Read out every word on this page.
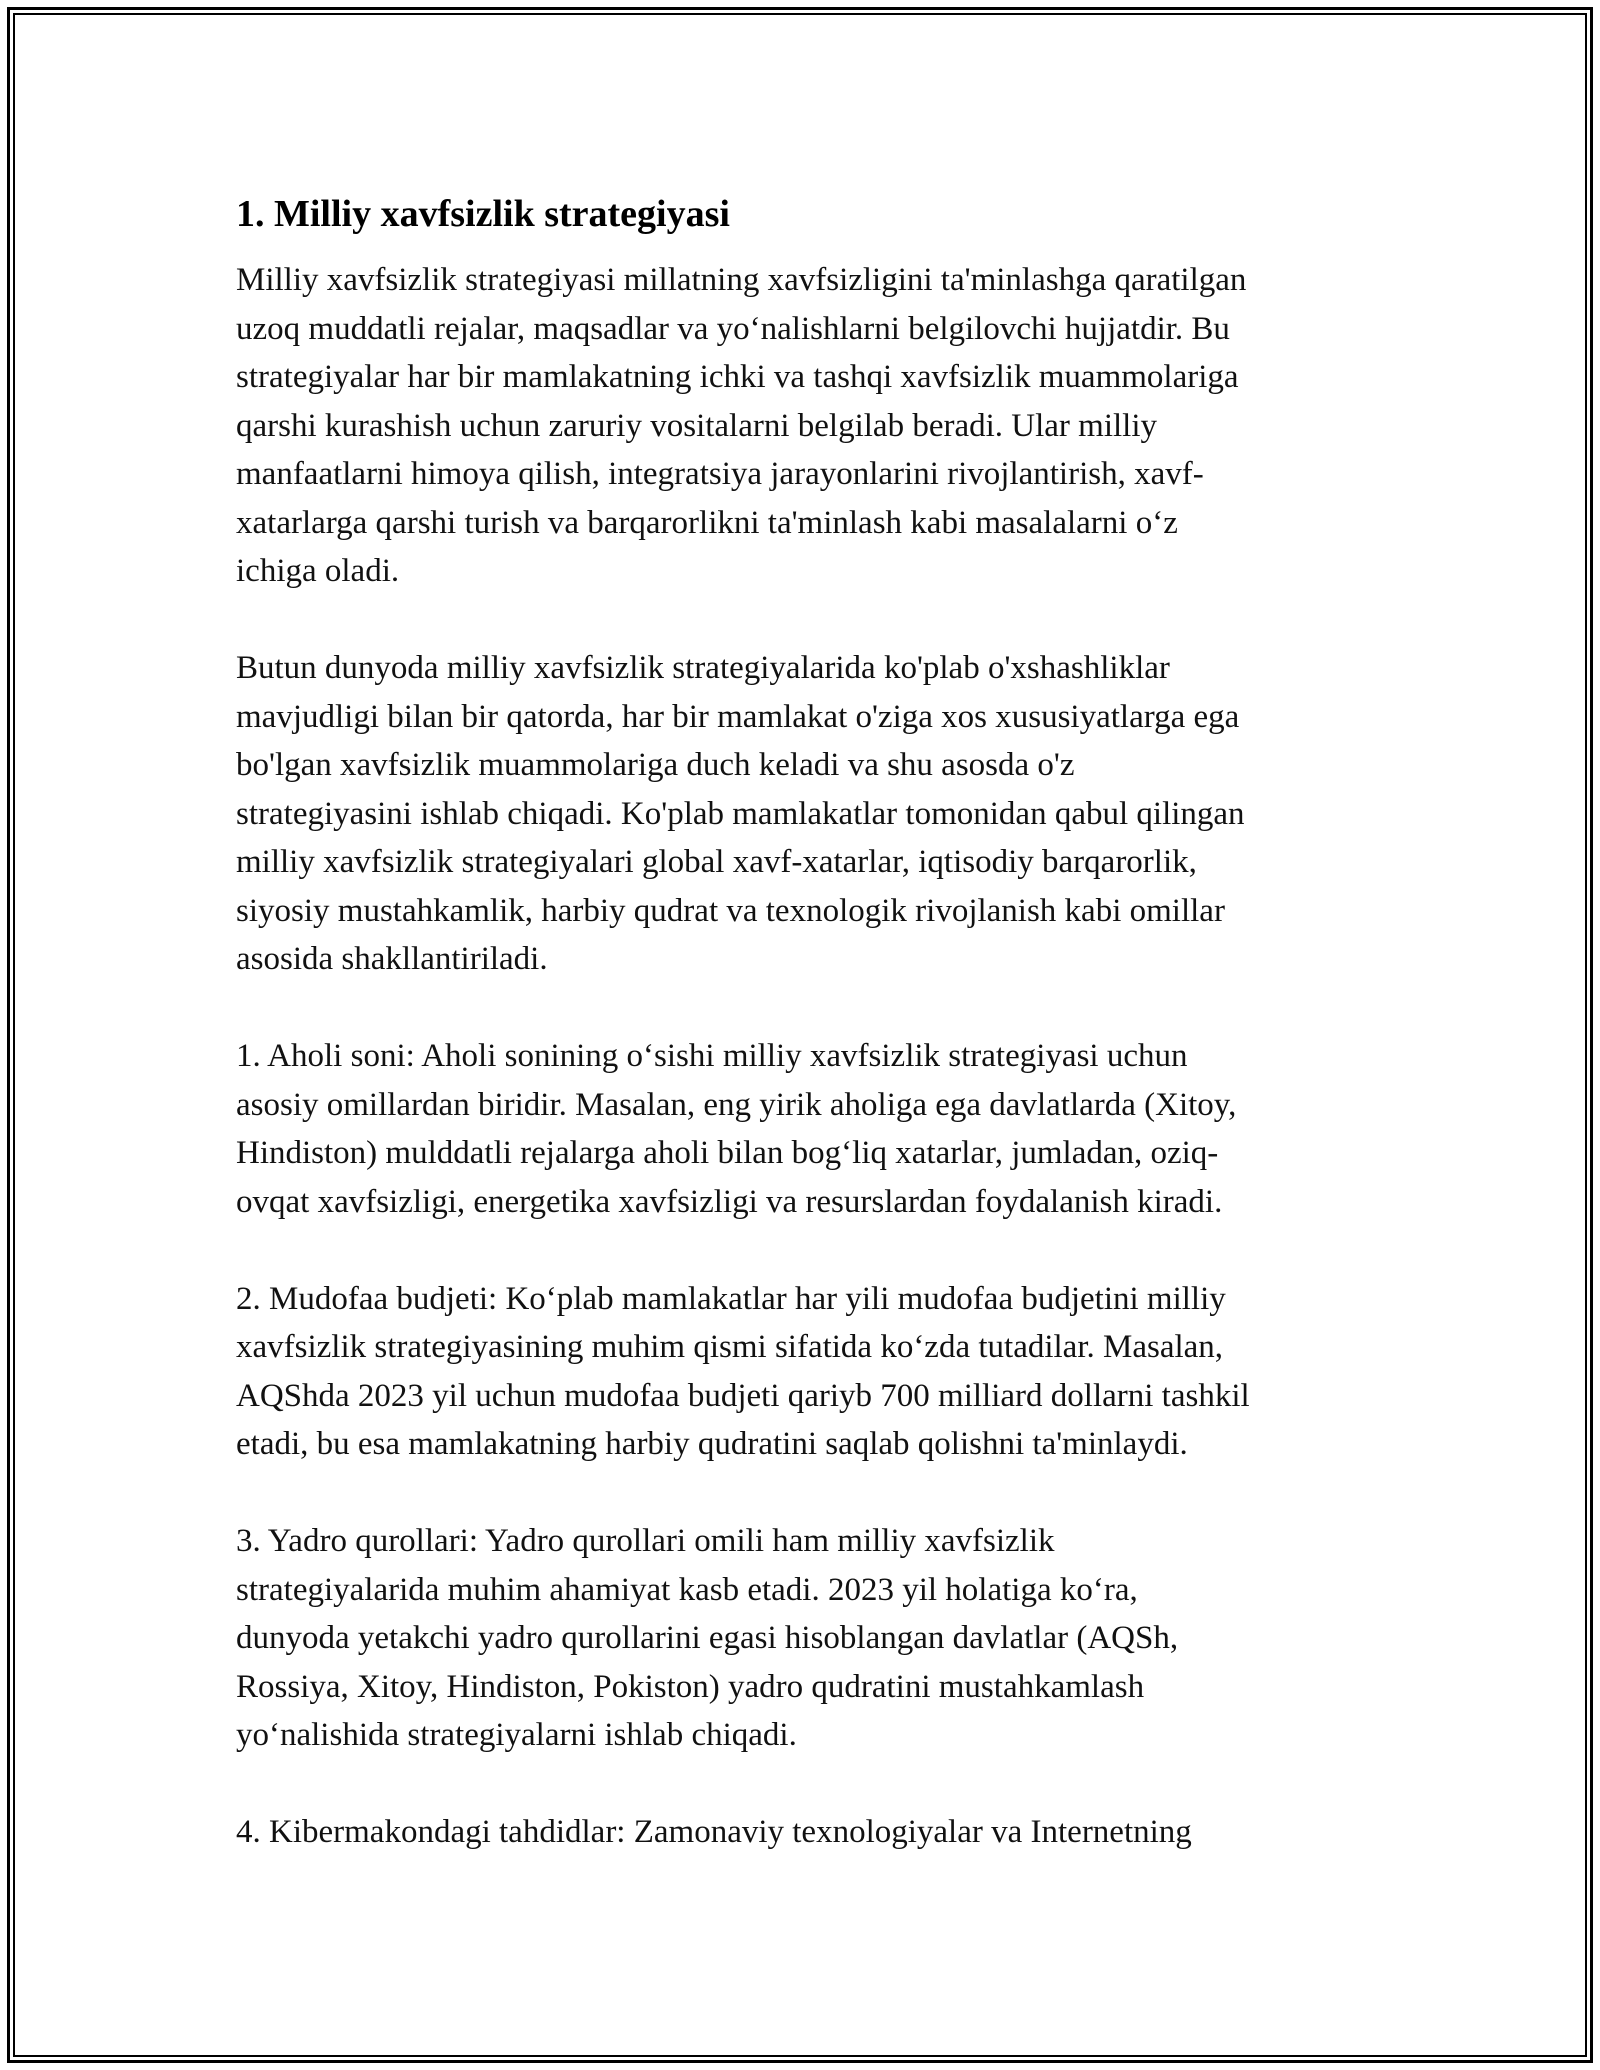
1. Milliy xavfsizlik strategiyasi

Milliy xavfsizlik strategiyasi millatning xavfsizligini ta'minlashga qaratilgan
uzoq muddatli rejalar, maqsadlar va yo‘nalishlarni belgilovchi hujjatdir. Bu
strategiyalar har bir mamlakatning ichki va tashqi xavfsizlik muammolariga
qarshi kurashish uchun zaruriy vositalarni belgilab beradi. Ular milliy
manfaatlarni himoya qilish, integratsiya jarayonlarini rivojlantirish, xavf-
xatarlarga qarshi turish va barqarorlikni ta'minlash kabi masalalarni o‘z
ichiga oladi.

Butun dunyoda milliy xavfsizlik strategiyalarida ko'plab o'xshashliklar
mavjudligi bilan bir qatorda, har bir mamlakat o'ziga xos xususiyatlarga ega
bo'lgan xavfsizlik muammolariga duch keladi va shu asosda o'z
strategiyasini ishlab chiqadi. Ko'plab mamlakatlar tomonidan qabul qilingan
milliy xavfsizlik strategiyalari global xavf-xatarlar, iqtisodiy barqarorlik,
siyosiy mustahkamlik, harbiy qudrat va texnologik rivojlanish kabi omillar
asosida shakllantiriladi.

1. Aholi soni: Aholi sonining o‘sishi milliy xavfsizlik strategiyasi uchun
asosiy omillardan biridir. Masalan, eng yirik aholiga ega davlatlarda (Xitoy,
Hindiston) mulddatli rejalarga aholi bilan bog‘liq xatarlar, jumladan, oziq-
ovqat xavfsizligi, energetika xavfsizligi va resurslardan foydalanish kiradi.

2. Mudofaa budjeti: Ko‘plab mamlakatlar har yili mudofaa budjetini milliy
xavfsizlik strategiyasining muhim qismi sifatida ko‘zda tutadilar. Masalan,
AQShda 2023 yil uchun mudofaa budjeti qariyb 700 milliard dollarni tashkil
etadi, bu esa mamlakatning harbiy qudratini saqlab qolishni ta'minlaydi.

3. Yadro qurollari: Yadro qurollari omili ham milliy xavfsizlik
strategiyalarida muhim ahamiyat kasb etadi. 2023 yil holatiga ko‘ra,
dunyoda yetakchi yadro qurollarini egasi hisoblangan davlatlar (AQSh,
Rossiya, Xitoy, Hindiston, Pokiston) yadro qudratini mustahkamlash
yo‘nalishida strategiyalarni ishlab chiqadi.

4. Kibermakondagi tahdidlar: Zamonaviy texnologiyalar va Internetning
